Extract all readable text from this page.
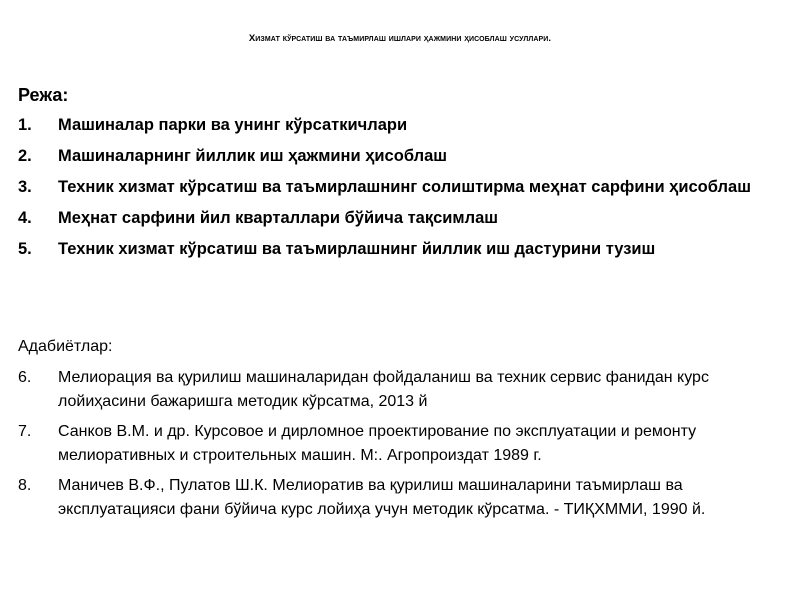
Хизмат кўрсатиш ва таъмирлаш ишлари ҳажмини ҳисоблаш усуллари.
Режа:
1.	Машиналар парки ва унинг кўрсаткичлари
2.	Машиналарнинг йиллик иш ҳажмини ҳисоблаш
3.	Техник хизмат кўрсатиш ва таъмирлашнинг солиштирма меҳнат сарфини ҳисоблаш
4.	Меҳнат сарфини йил кварталлари бўйича тақсимлаш
5.	Техник хизмат кўрсатиш ва таъмирлашнинг йиллик иш дастурини тузиш
Адабиётлар:
6.	Мелиорация ва қурилиш машиналаридан фойдаланиш ва техник сервис фанидан курс лойиҳасини бажаришга методик кўрсатма, 2013 й
7.	Санков В.М. и др. Курсовое и дирломное проектирование по эксплуатации и ремонту мелиоративных и строительных машин. М:. Агропроиздат 1989 г.
8.	Маничев В.Ф., Пулатов Ш.К. Мелиоратив ва қурилиш машиналарини таъмирлаш ва эксплуатацияси фани бўйича курс лойиҳа учун методик кўрсатма. - ТИҚХММИ, 1990 й.
